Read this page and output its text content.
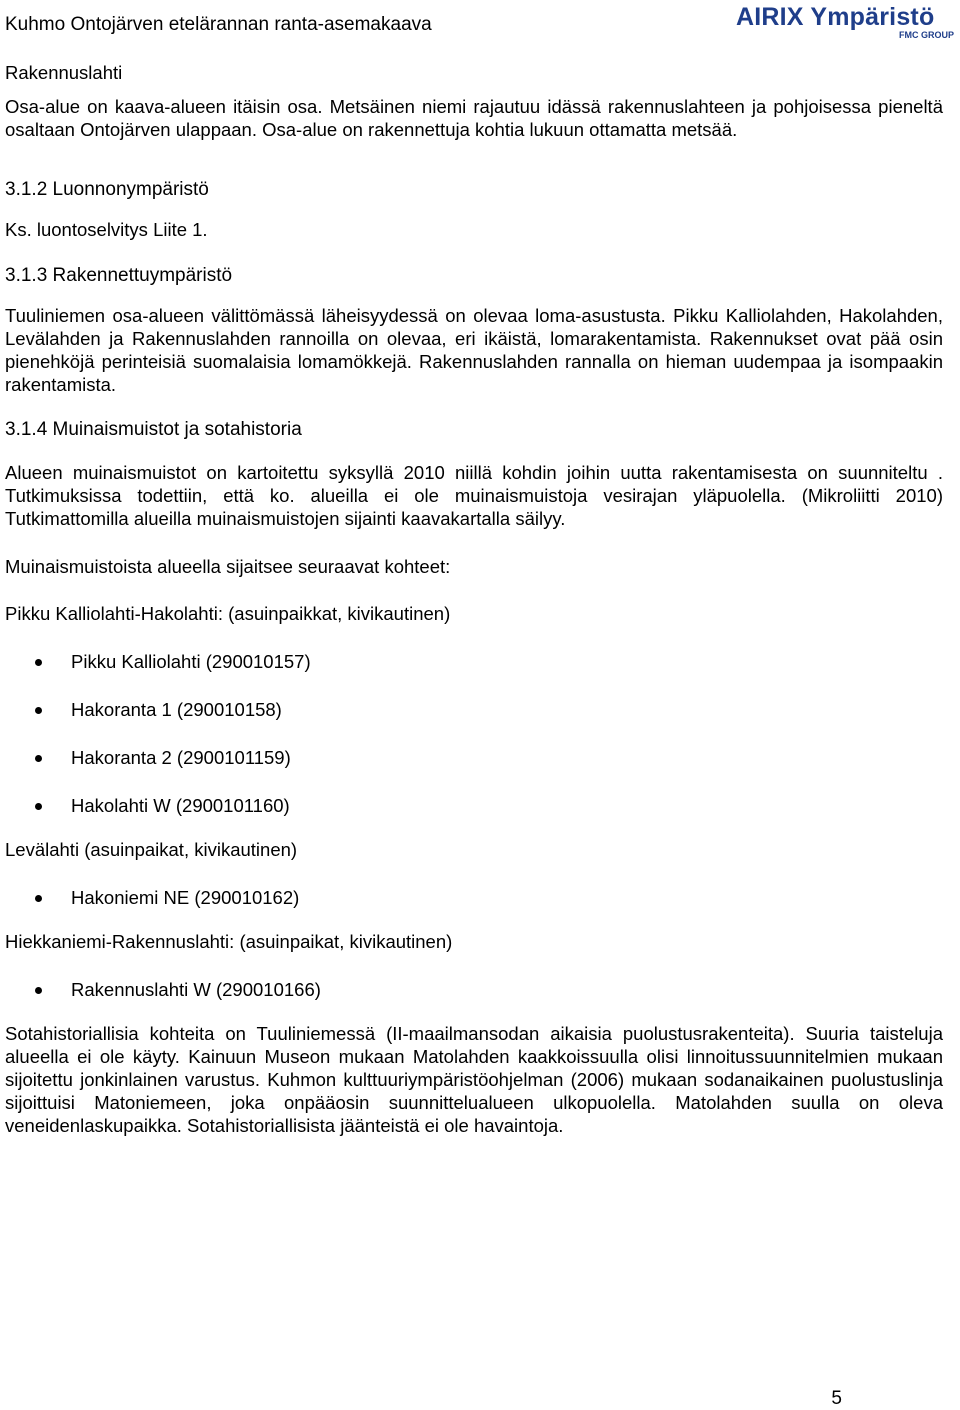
Kuhmo Ontojärven etelärannan ranta-asemakaava	AIRIX Ympäristö
FMC GROUP
Rakennuslahti

Osa-alue on kaava-alueen itäisin osa. Metsäinen niemi rajautuu idässä rakennuslahteen ja pohjoisessa pieneltä osaltaan Ontojärven ulappaan. Osa-alue on rakennettuja kohtia lukuun ottamatta metsää.

3.1.2 Luonnonympäristö

Ks. luontoselvitys Liite 1.

3.1.3 Rakennettuympäristö

Tuuliniemen osa-alueen välittömässä läheisyydessä on olevaa loma-asustusta. Pikku Kalliolahden, Hakolahden, Levälahden ja Rakennuslahden rannoilla on olevaa, eri ikäistä, lomarakentamista. Rakennukset ovat pää osin pienehköjä perinteisiä suomalaisia lomamökkejä. Rakennuslahden rannalla on hieman uudempaa ja isompaakin rakentamista.

3.1.4 Muinaismuistot ja sotahistoria

Alueen muinaismuistot on kartoitettu syksyllä 2010 niillä kohdin joihin uutta rakentamisesta on suunniteltu . Tutkimuksissa todettiin, että ko. alueilla ei ole muinaismuistoja vesirajan yläpuolella. (Mikroliitti 2010) Tutkimattomilla alueilla muinaismuistojen sijainti kaavakartalla säilyy.

Muinaismuistoista alueella sijaitsee seuraavat kohteet:

Pikku Kalliolahti-Hakolahti: (asuinpaikkat, kivikautinen)

Pikku Kalliolahti (290010157)
Hakoranta 1 (290010158)
Hakoranta 2 (2900101159)
Hakolahti W (2900101160)

Levälahti (asuinpaikat, kivikautinen)

Hakoniemi NE (290010162)

Hiekkaniemi-Rakennuslahti: (asuinpaikat, kivikautinen)

Rakennuslahti W (290010166)

Sotahistoriallisia kohteita on Tuuliniemessä (II-maailmansodan aikaisia puolustusrakenteita). Suuria taisteluja alueella ei ole käyty. Kainuun Museon mukaan Matolahden kaakkoissuulla olisi linnoitussuunnitelmien mukaan sijoitettu jonkinlainen varustus. Kuhmon kulttuuriympäristöohjelman (2006) mukaan sodanaikainen puolustuslinja sijoittuisi Matoniemeen, joka onpääosin suunnittelualueen ulkopuolella. Matolahden suulla on oleva veneidenlaskupaikka. Sotahistoriallisista jäänteistä ei ole havaintoja.

5
